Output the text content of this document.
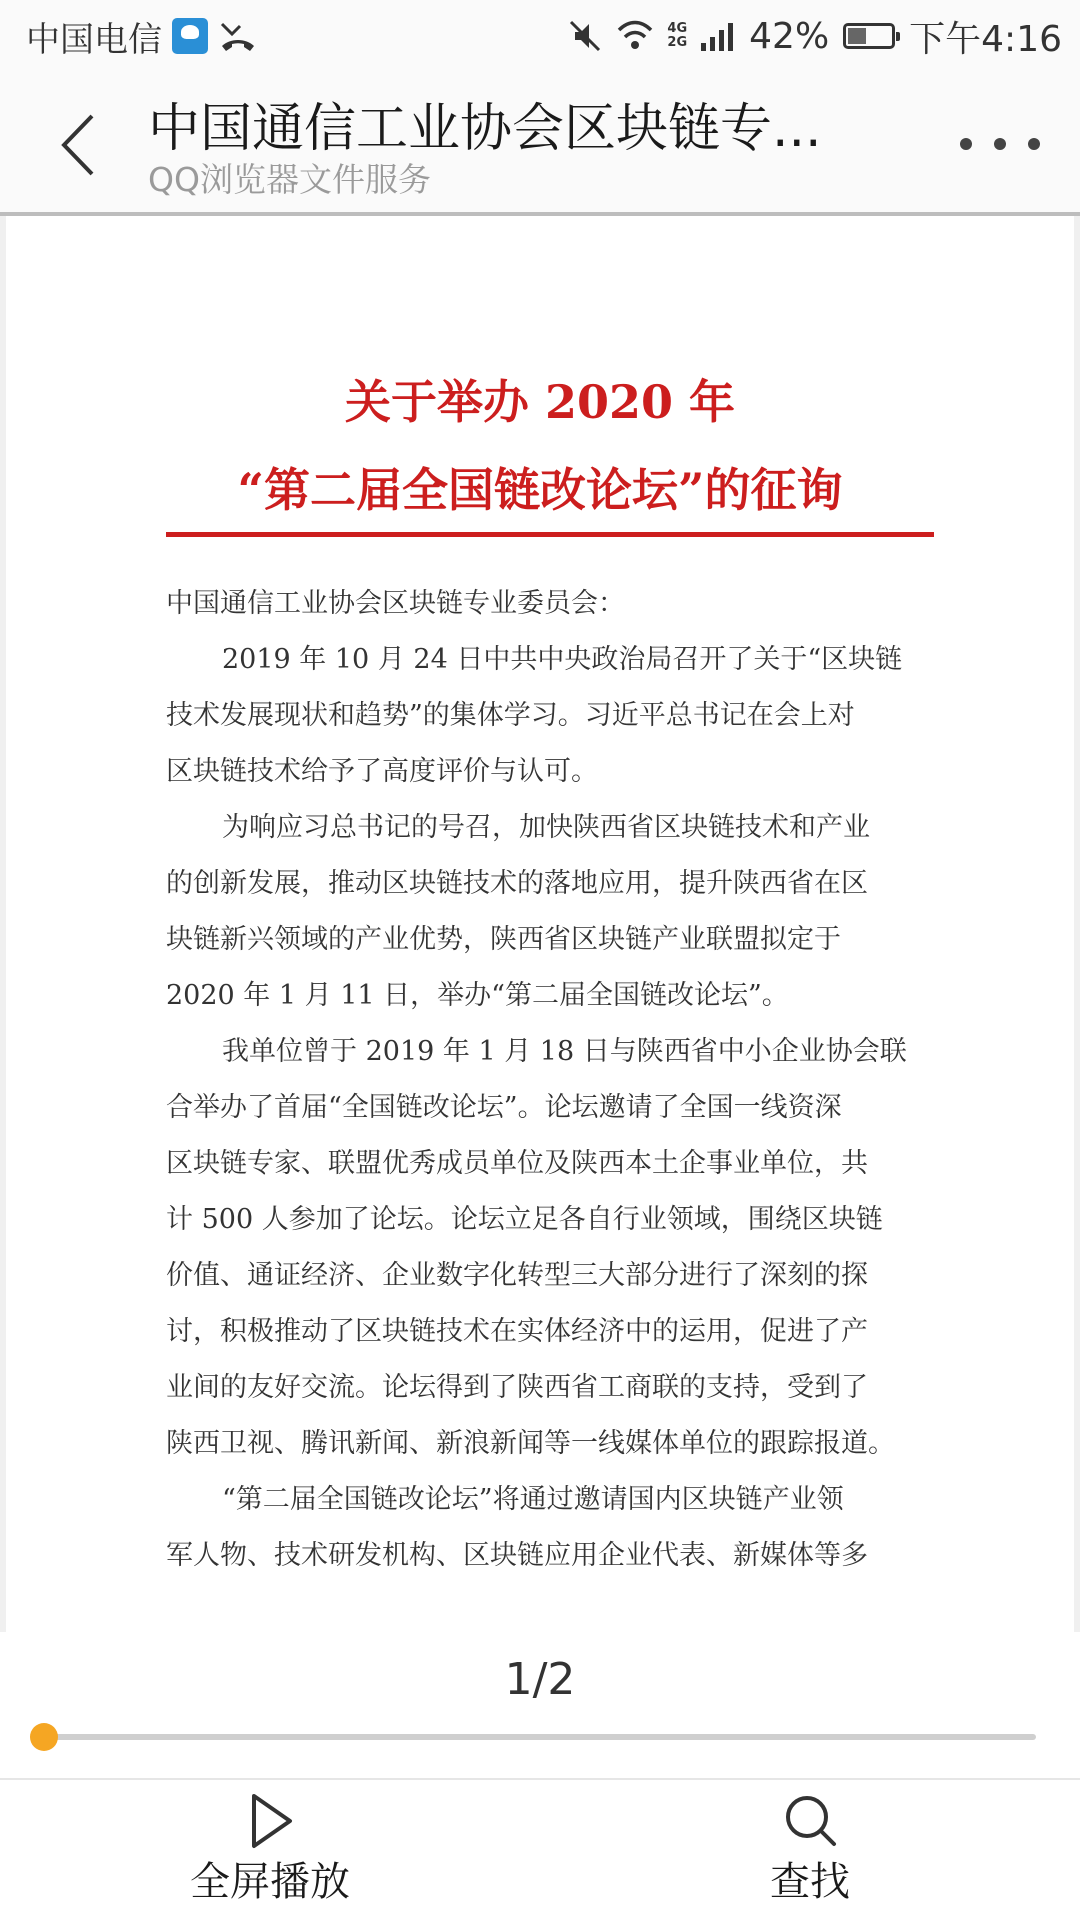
中国电信	4G
2G 42% 下午4:16
中国通信工业协会区块链专...
QQ浏览器文件服务
关于举办 2020 年
“第二届全国链改论坛”的征询
中国通信工业协会区块链专业委员会：
2019 年 10 月 24 日中共中央政治局召开了关于“区块链
技术发展现状和趋势”的集体学习。习近平总书记在会上对
区块链技术给予了高度评价与认可。
为响应习总书记的号召，加快陕西省区块链技术和产业
的创新发展，推动区块链技术的落地应用，提升陕西省在区
块链新兴领域的产业优势，陕西省区块链产业联盟拟定于
2020 年 1 月 11 日，举办“第二届全国链改论坛”。
我单位曾于 2019 年 1 月 18 日与陕西省中小企业协会联
合举办了首届“全国链改论坛”。论坛邀请了全国一线资深
区块链专家、联盟优秀成员单位及陕西本土企事业单位，共
计 500 人参加了论坛。论坛立足各自行业领域，围绕区块链
价值、通证经济、企业数字化转型三大部分进行了深刻的探
讨，积极推动了区块链技术在实体经济中的运用，促进了产
业间的友好交流。论坛得到了陕西省工商联的支持，受到了
陕西卫视、腾讯新闻、新浪新闻等一线媒体单位的跟踪报道。
“第二届全国链改论坛”将通过邀请国内区块链产业领
军人物、技术研发机构、区块链应用企业代表、新媒体等多
1/2
全屏播放	查找
